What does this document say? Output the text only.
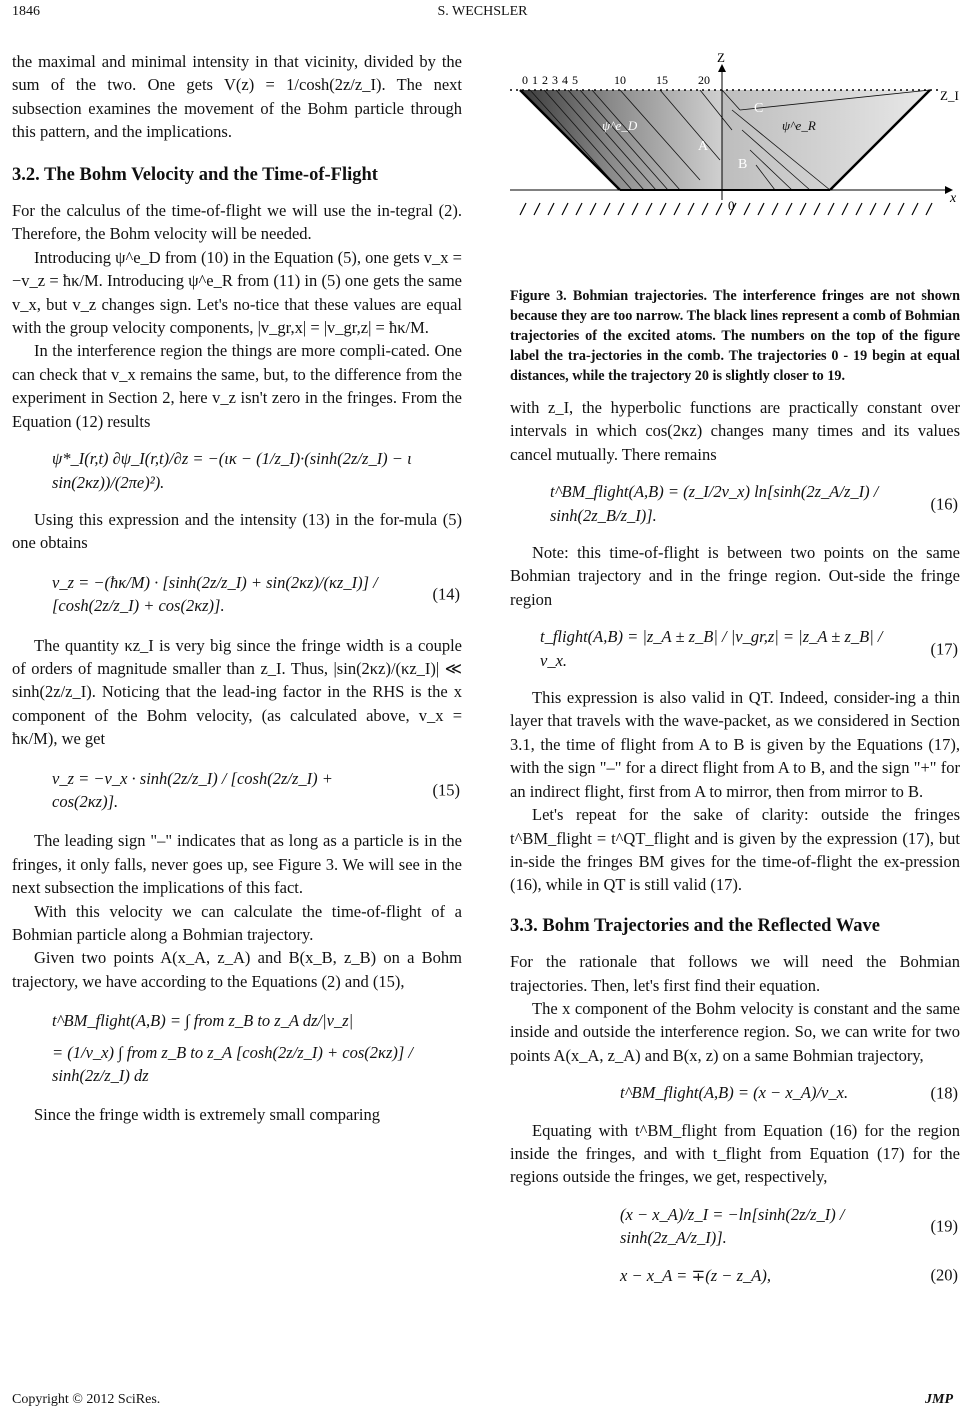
1846	S. WECHSLER

the maximal and minimal intensity in that vicinity, divided by the sum of the two. One gets V(z) = 1/cosh(2z/z_I). The next subsection examines the movement of the Bohm particle through this pattern, and the implications.

3.2. The Bohm Velocity and the Time-of-Flight

For the calculus of the time-of-flight we will use the in-tegral (2). Therefore, the Bohm velocity will be needed.

Introducing ψ^e_D from (10) in the Equation (5), one gets v_x = −v_z = ħκ/M. Introducing ψ^e_R from (11) in (5) one gets the same v_x, but v_z changes sign. Let's no-tice that these values are equal with the group velocity components, |v_gr,x| = |v_gr,z| = ħκ/M.

In the interference region the things are more compli-cated. One can check that v_x remains the same, but, to the difference from the experiment in Section 2, here v_z isn't zero in the fringes. From the Equation (12) results

ψ*_I(r,t) ∂ψ_I(r,t)/∂z = −(ικ − (1/z_I)·(sinh(2z/z_I) − ι sin(2κz))/(2πe)²).

Using this expression and the intensity (13) in the for-mula (5) one obtains

v_z = −(ħκ/M) · [sinh(2z/z_I) + sin(2κz)/(κz_I)] / [cosh(2z/z_I) + cos(2κz)].
(14)

The quantity κz_I is very big since the fringe width is a couple of orders of magnitude smaller than z_I. Thus, |sin(2κz)/(κz_I)| ≪ sinh(2z/z_I). Noticing that the lead-ing factor in the RHS is the x component of the Bohm velocity, (as calculated above, v_x = ħκ/M), we get

v_z = −v_x · sinh(2z/z_I) / [cosh(2z/z_I) + cos(2κz)].
(15)

The leading sign "–" indicates that as long as a particle is in the fringes, it only falls, never goes up, see Figure 3. We will see in the next subsection the implications of this fact.

With this velocity we can calculate the time-of-flight of a Bohmian particle along a Bohmian trajectory.

Given two points A(x_A, z_A) and B(x_B, z_B) on a Bohm trajectory, we have according to the Equations (2) and (15),

t^BM_flight(A,B) = ∫ from z_B to z_A dz/|v_z|
= (1/v_x) ∫ from z_B to z_A [cosh(2z/z_I) + cos(2κz)] / sinh(2z/z_I) dz

Since the fringe width is extremely small comparing

Z
Z_I
x
0
0 1 2 3 4 5	10	15	20
ψ^e_D	ψ^e_R
A
B
C
Figure 3. Bohmian trajectories. The interference fringes are not shown because they are too narrow. The black lines represent a comb of Bohmian trajectories of the excited atoms. The numbers on the top of the figure label the tra-jectories in the comb. The trajectories 0 - 19 begin at equal distances, while the trajectory 20 is slightly closer to 19.

with z_I, the hyperbolic functions are practically constant over intervals in which cos(2κz) changes many times and its values cancel mutually. There remains

t^BM_flight(A,B) = (z_I/2v_x) ln[sinh(2z_A/z_I) / sinh(2z_B/z_I)].
(16)

Note: this time-of-flight is between two points on the same Bohmian trajectory and in the fringe region. Out-side the fringe region

t_flight(A,B) = |z_A ± z_B| / |v_gr,z| = |z_A ± z_B| / v_x.
(17)

This expression is also valid in QT. Indeed, consider-ing a thin layer that travels with the wave-packet, as we considered in Section 3.1, the time of flight from A to B is given by the Equations (17), with the sign "–" for a direct flight from A to B, and the sign "+" for an indirect flight, first from A to mirror, then from mirror to B.

Let's repeat for the sake of clarity: outside the fringes t^BM_flight = t^QT_flight and is given by the expression (17), but in-side the fringes BM gives for the time-of-flight the ex-pression (16), while in QT is still valid (17).

3.3. Bohm Trajectories and the Reflected Wave

For the rationale that follows we will need the Bohmian trajectories. Then, let's first find their equation.

The x component of the Bohm velocity is constant and the same inside and outside the interference region. So, we can write for two points A(x_A, z_A) and B(x, z) on a same Bohmian trajectory,

t^BM_flight(A,B) = (x − x_A)/v_x.	(18)

Equating with t^BM_flight from Equation (16) for the region inside the fringes, and with t_flight from Equation (17) for the regions outside the fringes, we get, respectively,

(x − x_A)/z_I = −ln[sinh(2z/z_I) / sinh(2z_A/z_I)].
(19)
x − x_A = ∓(z − z_A),	(20)
Copyright © 2012 SciRes.	JMP
